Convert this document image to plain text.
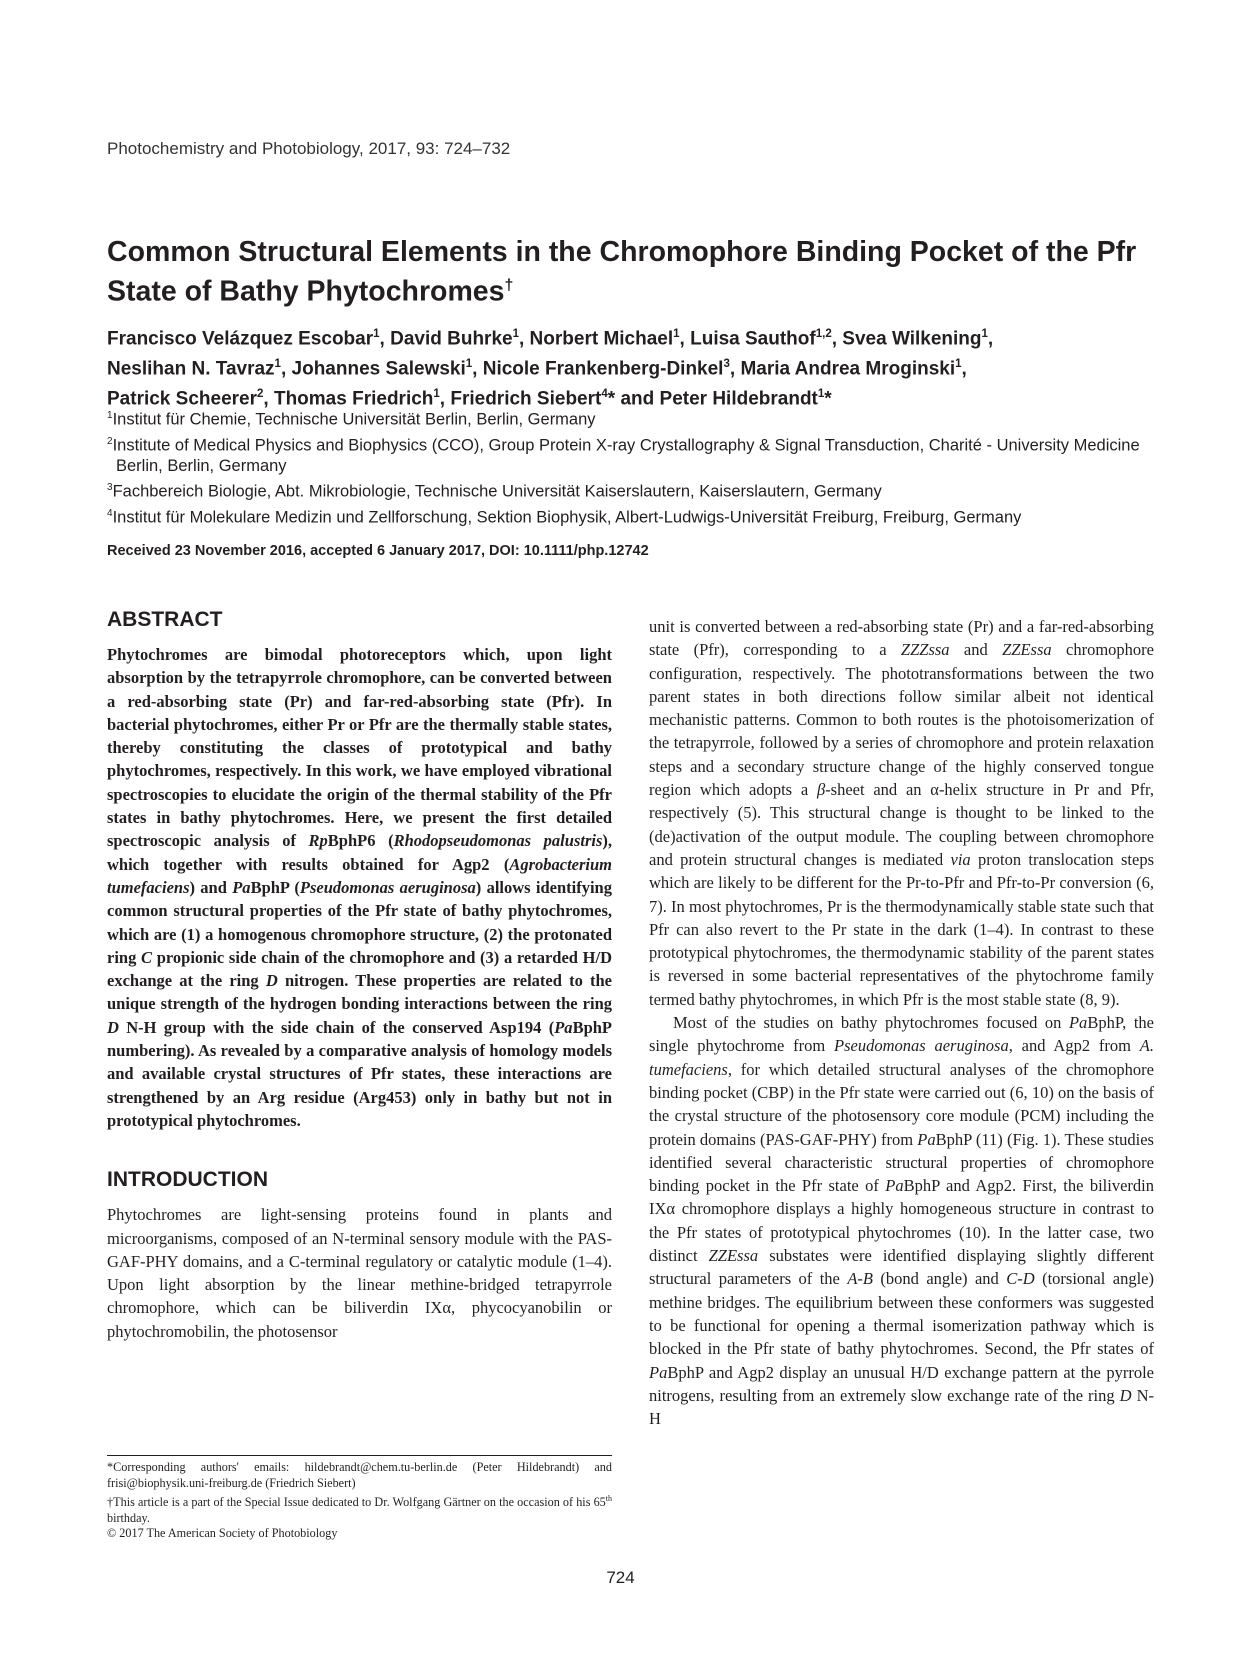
Photochemistry and Photobiology, 2017, 93: 724–732
Common Structural Elements in the Chromophore Binding Pocket of the Pfr State of Bathy Phytochromes†

Francisco Velázquez Escobar$^1$, David Buhrke$^1$, Norbert Michael$^1$, Luisa Sauthof$^{1,2}$, Svea Wilkening$^1$,
Neslihan N. Tavraz$^1$, Johannes Salewski$^1$, Nicole Frankenberg-Dinkel$^3$, Maria Andrea Mroginski$^1$,
Patrick Scheerer$^2$, Thomas Friedrich$^1$, Friedrich Siebert$^4$* and Peter Hildebrandt$^1$*

$^1$Institut für Chemie, Technische Universität Berlin, Berlin, Germany
$^2$Institute of Medical Physics and Biophysics (CCO), Group Protein X-ray Crystallography & Signal Transduction, Charité - University Medicine Berlin, Berlin, Germany
$^3$Fachbereich Biologie, Abt. Mikrobiologie, Technische Universität Kaiserslautern, Kaiserslautern, Germany
$^4$Institut für Molekulare Medizin und Zellforschung, Sektion Biophysik, Albert-Ludwigs-Universität Freiburg, Freiburg, Germany
Received 23 November 2016, accepted 6 January 2017, DOI: 10.1111/php.12742
ABSTRACT

Phytochromes are bimodal photoreceptors which, upon light absorption by the tetrapyrrole chromophore, can be converted between a red-absorbing state (Pr) and far-red-absorbing state (Pfr). In bacterial phytochromes, either Pr or Pfr are the thermally stable states, thereby constituting the classes of prototypical and bathy phytochromes, respectively. In this work, we have employed vibrational spectroscopies to elucidate the origin of the thermal stability of the Pfr states in bathy phytochromes. Here, we present the first detailed spectroscopic analysis of RpBphP6 (Rhodopseudomonas palustris), which together with results obtained for Agp2 (Agrobacterium tumefaciens) and PaBphP (Pseudomonas aeruginosa) allows identifying common structural properties of the Pfr state of bathy phytochromes, which are (1) a homogenous chromophore structure, (2) the protonated ring C propionic side chain of the chromophore and (3) a retarded H/D exchange at the ring D nitrogen. These properties are related to the unique strength of the hydrogen bonding interactions between the ring D N-H group with the side chain of the conserved Asp194 (PaBphP numbering). As revealed by a comparative analysis of homology models and available crystal structures of Pfr states, these interactions are strengthened by an Arg residue (Arg453) only in bathy but not in prototypical phytochromes.

INTRODUCTION

Phytochromes are light-sensing proteins found in plants and microorganisms, composed of an N-terminal sensory module with the PAS-GAF-PHY domains, and a C-terminal regulatory or catalytic module (1–4). Upon light absorption by the linear methine-bridged tetrapyrrole chromophore, which can be biliverdin IXα, phycocyanobilin or phytochromobilin, the photosensor

unit is converted between a red-absorbing state (Pr) and a far-red-absorbing state (Pfr), corresponding to a ZZZssa and ZZEssa chromophore configuration, respectively. The phototransformations between the two parent states in both directions follow similar albeit not identical mechanistic patterns. Common to both routes is the photoisomerization of the tetrapyrrole, followed by a series of chromophore and protein relaxation steps and a secondary structure change of the highly conserved tongue region which adopts a β-sheet and an α-helix structure in Pr and Pfr, respectively (5). This structural change is thought to be linked to the (de)activation of the output module. The coupling between chromophore and protein structural changes is mediated via proton translocation steps which are likely to be different for the Pr-to-Pfr and Pfr-to-Pr conversion (6, 7). In most phytochromes, Pr is the thermodynamically stable state such that Pfr can also revert to the Pr state in the dark (1–4). In contrast to these prototypical phytochromes, the thermodynamic stability of the parent states is reversed in some bacterial representatives of the phytochrome family termed bathy phytochromes, in which Pfr is the most stable state (8, 9).

Most of the studies on bathy phytochromes focused on PaBphP, the single phytochrome from Pseudomonas aeruginosa, and Agp2 from A. tumefaciens, for which detailed structural analyses of the chromophore binding pocket (CBP) in the Pfr state were carried out (6, 10) on the basis of the crystal structure of the photosensory core module (PCM) including the protein domains (PAS-GAF-PHY) from PaBphP (11) (Fig. 1). These studies identified several characteristic structural properties of chromophore binding pocket in the Pfr state of PaBphP and Agp2. First, the biliverdin IXα chromophore displays a highly homogeneous structure in contrast to the Pfr states of prototypical phytochromes (10). In the latter case, two distinct ZZEssa substates were identified displaying slightly different structural parameters of the A-B (bond angle) and C-D (torsional angle) methine bridges. The equilibrium between these conformers was suggested to be functional for opening a thermal isomerization pathway which is blocked in the Pfr state of bathy phytochromes. Second, the Pfr states of PaBphP and Agp2 display an unusual H/D exchange pattern at the pyrrole nitrogens, resulting from an extremely slow exchange rate of the ring D N-H

*Corresponding authors' emails: hildebrandt@chem.tu-berlin.de (Peter Hildebrandt) and frisi@biophysik.uni-freiburg.de (Friedrich Siebert)

†This article is a part of the Special Issue dedicated to Dr. Wolfgang Gärtner on the occasion of his 65th birthday.

© 2017 The American Society of Photobiology

724
